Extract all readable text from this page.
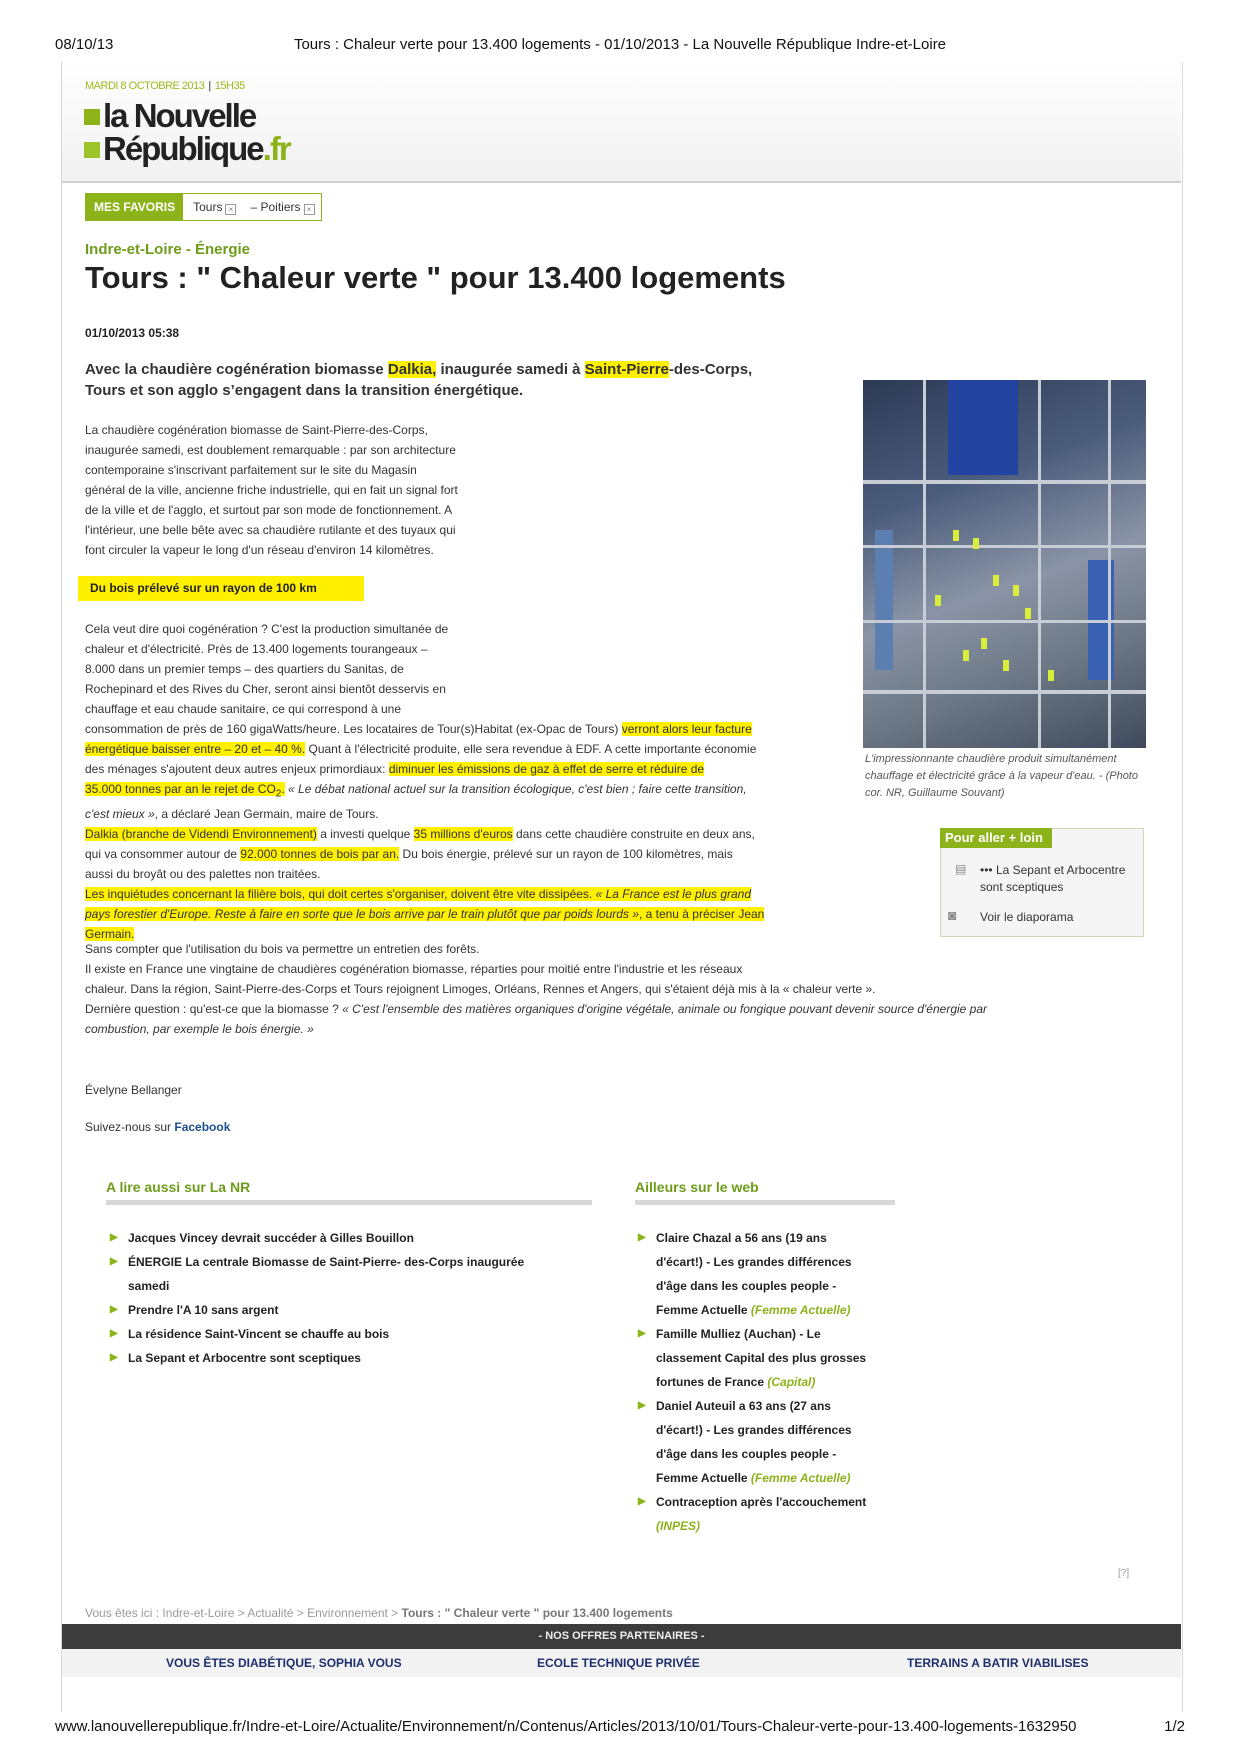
08/10/13	Tours : Chaleur verte pour 13.400 logements - 01/10/2013 - La Nouvelle République Indre-et-Loire
MARDI 8 OCTOBRE 2013 | 15H35
la Nouvelle
République.fr
MES FAVORIS	Tours ×	– Poitiers ×
Indre-et-Loire - Énergie
Tours : " Chaleur verte " pour 13.400 logements
01/10/2013 05:38
Avec la chaudière cogénération biomasse Dalkia, inaugurée samedi à Saint-Pierre-des-Corps,
Tours et son agglo s’engagent dans la transition énergétique.
L'impressionnante chaudière produit simultanément chauffage et électricité grâce à la vapeur d'eau. - (Photo cor. NR, Guillaume Souvant)
La chaudière cogénération biomasse de Saint-Pierre-des-Corps,
inaugurée samedi, est doublement remarquable : par son architecture
contemporaine s'inscrivant parfaitement sur le site du Magasin
général de la ville, ancienne friche industrielle, qui en fait un signal fort
de la ville et de l'agglo, et surtout par son mode de fonctionnement. A
l'intérieur, une belle bête avec sa chaudière rutilante et des tuyaux qui
font circuler la vapeur le long d'un réseau d'environ 14 kilomètres.
Du bois prélevé sur un rayon de 100 km
Cela veut dire quoi cogénération ? C'est la production simultanée de
chaleur et d'électricité. Près de 13.400 logements tourangeaux –
8.000 dans un premier temps – des quartiers du Sanitas, de
Rochepinard et des Rives du Cher, seront ainsi bientôt desservis en
chauffage et eau chaude sanitaire, ce qui correspond à une
consommation de près de 160 gigaWatts/heure. Les locataires de Tour(s)Habitat (ex-Opac de Tours) verront alors leur facture
énergétique baisser entre – 20 et – 40 %. Quant à l'électricité produite, elle sera revendue à EDF. A cette importante économie
des ménages s'ajoutent deux autres enjeux primordiaux: diminuer les émissions de gaz à effet de serre et réduire de
35.000 tonnes par an le rejet de $CO_2$. « Le débat national actuel sur la transition écologique, c'est bien ; faire cette transition,
c'est mieux », a déclaré Jean Germain, maire de Tours.
Dalkia (branche de Videndi Environnement) a investi quelque 35 millions d'euros dans cette chaudière construite en deux ans,
qui va consommer autour de 92.000 tonnes de bois par an. Du bois énergie, prélevé sur un rayon de 100 kilomètres, mais
aussi du broyât ou des palettes non traitées.
Les inquiétudes concernant la filière bois, qui doit certes s'organiser, doivent être vite dissipées. « La France est le plus grand
pays forestier d'Europe. Reste à faire en sorte que le bois arrive par le train plutôt que par poids lourds », a tenu à préciser Jean
Germain.
Sans compter que l'utilisation du bois va permettre un entretien des forêts.
Il existe en France une vingtaine de chaudières cogénération biomasse, réparties pour moitié entre l'industrie et les réseaux
chaleur. Dans la région, Saint-Pierre-des-Corps et Tours rejoignent Limoges, Orléans, Rennes et Angers, qui s'étaient déjà mis à la « chaleur verte ».
Dernière question : qu'est-ce que la biomasse ? « C'est l'ensemble des matières organiques d'origine végétale, animale ou fongique pouvant devenir source d'énergie par
combustion, par exemple le bois énergie. »
Pour aller + loin
▤ ••• La Sepant et Arbocentre sont sceptiques
◙ Voir le diaporama
Évelyne Bellanger
Suivez-nous sur Facebook
A lire aussi sur La NR
▶ Jacques Vincey devrait succéder à Gilles Bouillon
▶ ÉNERGIE La centrale Biomasse de Saint-Pierre- des-Corps inaugurée
samedi
▶ Prendre l'A 10 sans argent
▶ La résidence Saint-Vincent se chauffe au bois
▶ La Sepant et Arbocentre sont sceptiques
Ailleurs sur le web
▶ Claire Chazal a 56 ans (19 ans
d'écart!) - Les grandes différences
d'âge dans les couples people -
Femme Actuelle (Femme Actuelle)
▶ Famille Mulliez (Auchan) - Le
classement Capital des plus grosses
fortunes de France (Capital)
▶ Daniel Auteuil a 63 ans (27 ans
d'écart!) - Les grandes différences
d'âge dans les couples people -
Femme Actuelle (Femme Actuelle)
▶ Contraception après l'accouchement
(INPES)
[?]
Vous êtes ici : Indre-et-Loire > Actualité > Environnement > Tours : " Chaleur verte " pour 13.400 logements
- NOS OFFRES PARTENAIRES -
VOUS ÊTES DIABÉTIQUE, SOPHIA VOUS	ECOLE TECHNIQUE PRIVÉE	TERRAINS A BATIR VIABILISES
www.lanouvellerepublique.fr/Indre-et-Loire/Actualite/Environnement/n/Contenus/Articles/2013/10/01/Tours-Chaleur-verte-pour-13.400-logements-1632950	1/2
